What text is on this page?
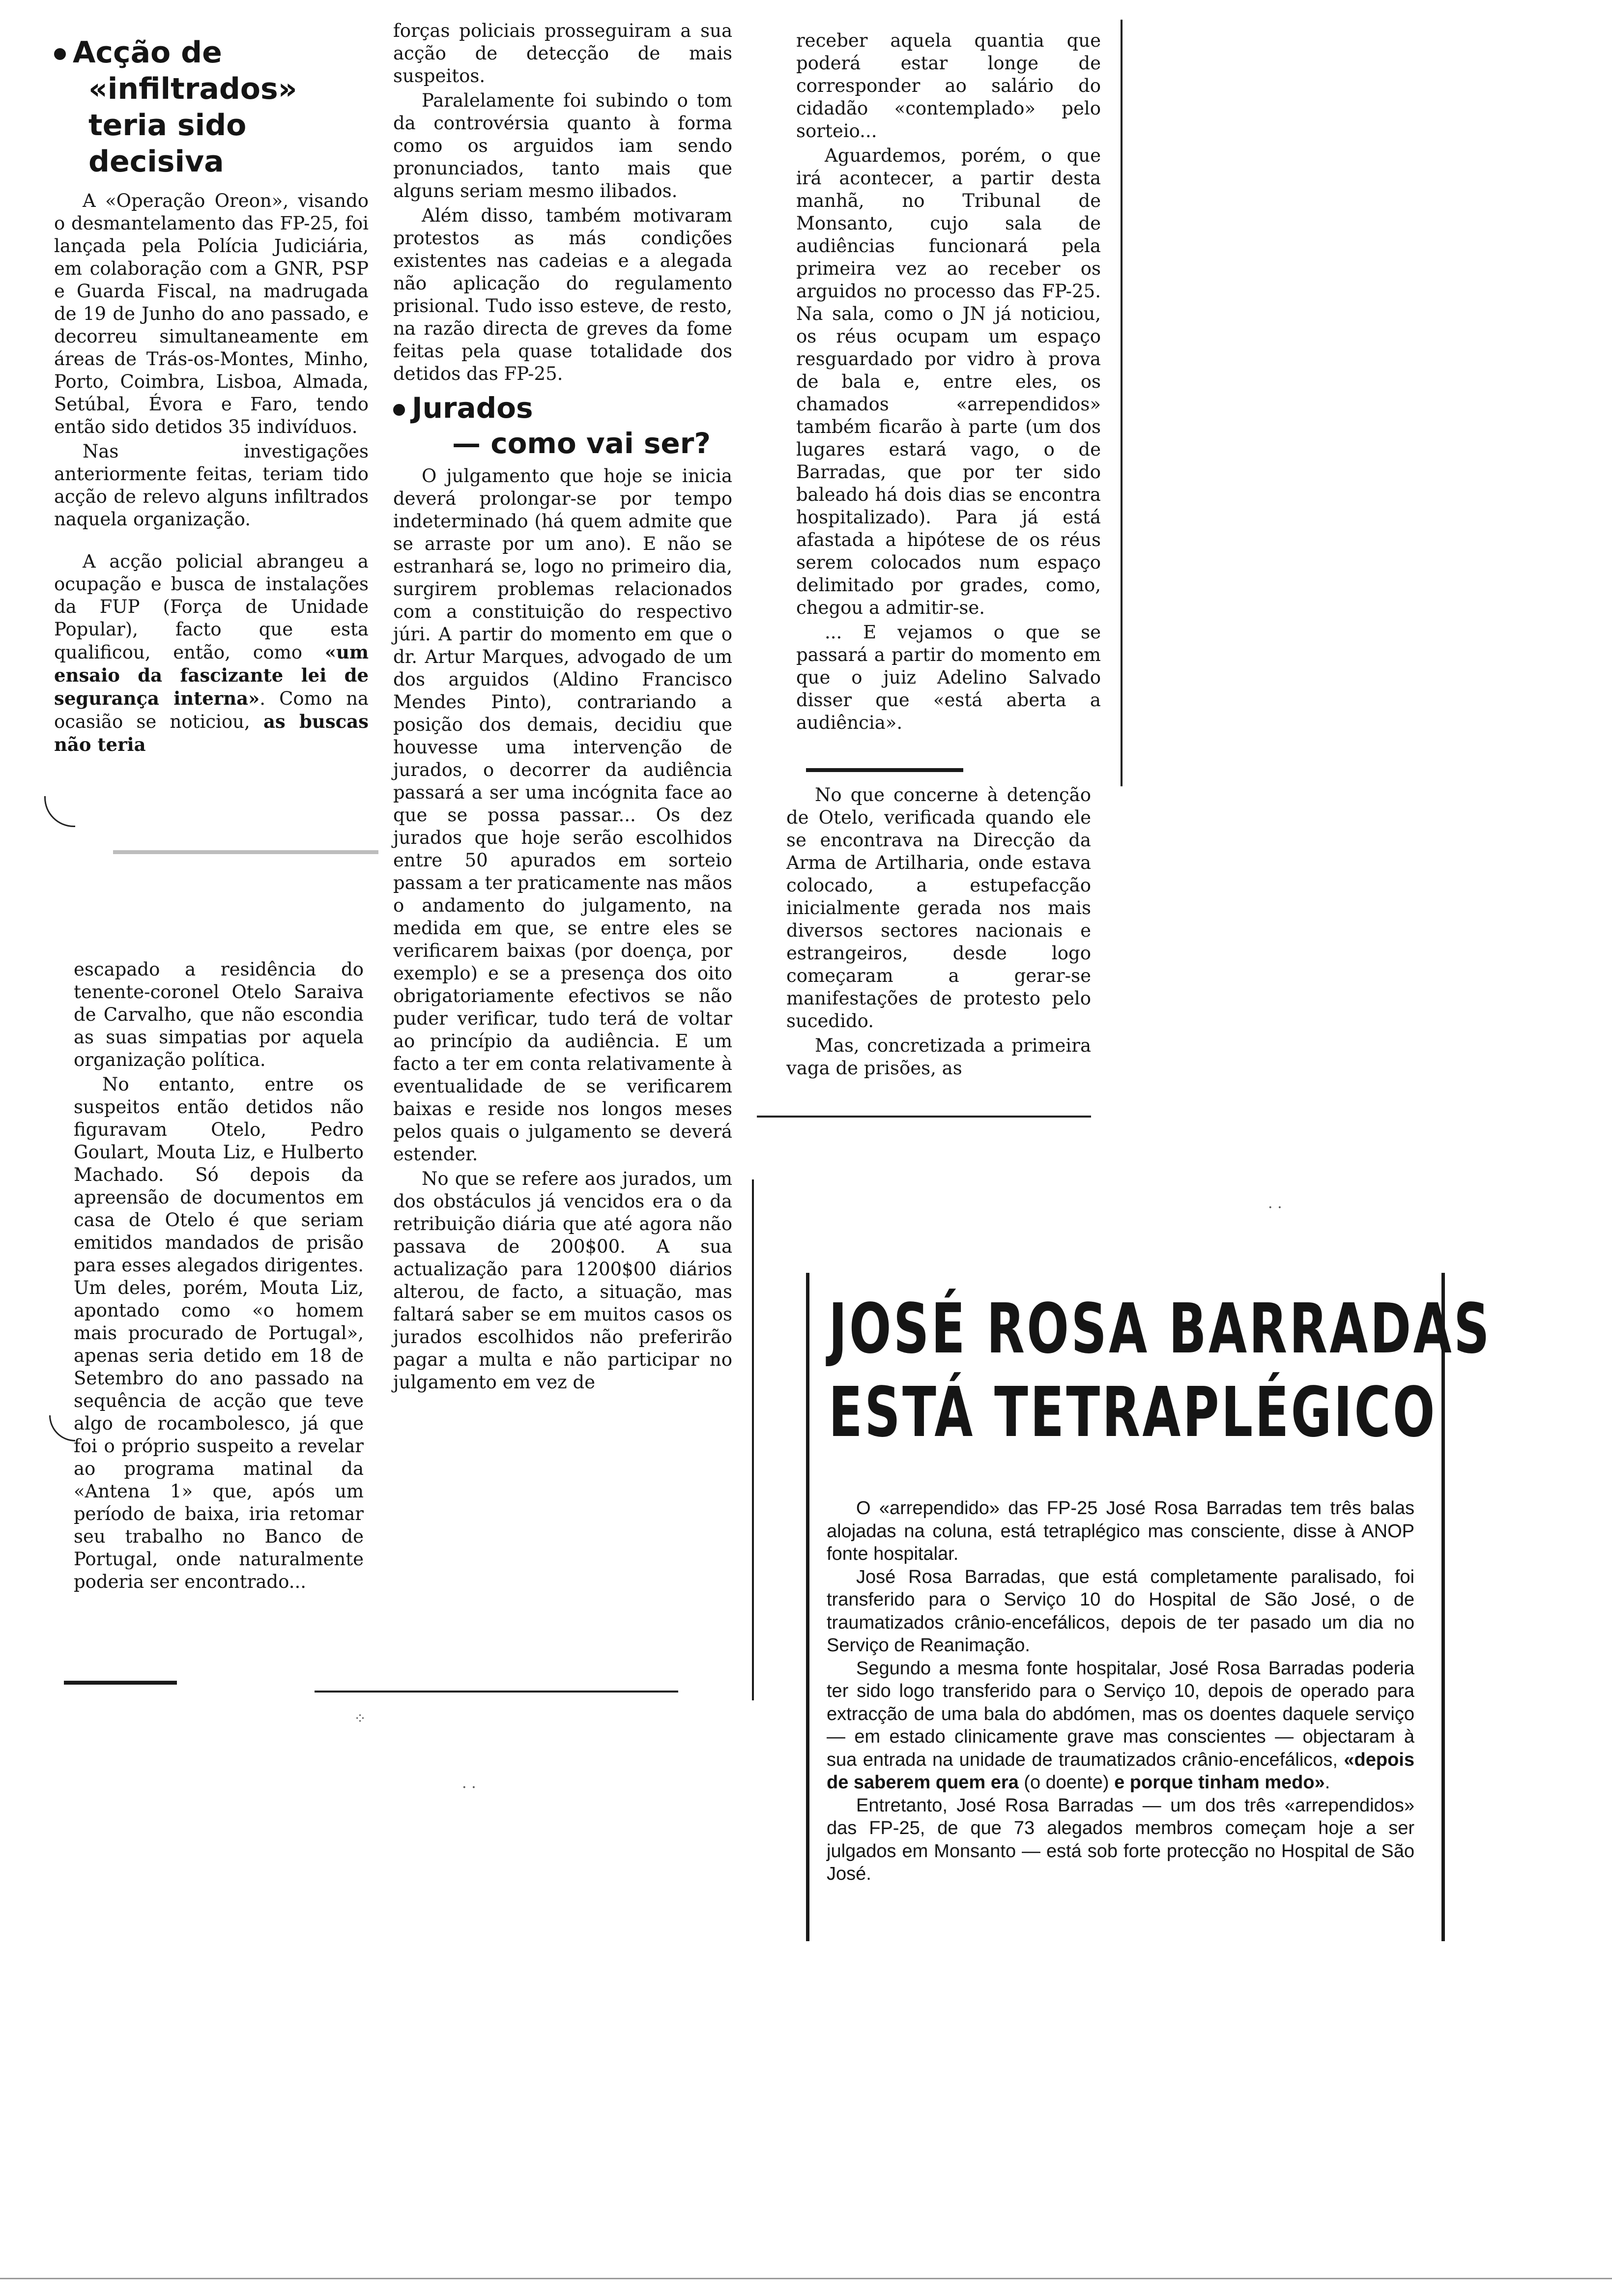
Acção de
«infiltrados»
teria sido
decisiva

A «Operação Oreon», visando o desmantelamento das FP-25, foi lançada pela Polícia Judiciária, em colaboração com a GNR, PSP e Guarda Fiscal, na madrugada de 19 de Junho do ano passado, e decorreu simultaneamente em áreas de Trás-os-Montes, Minho, Porto, Coimbra, Lisboa, Almada, Setúbal, Évora e Faro, tendo então sido detidos 35 indivíduos.

Nas investigações anteriormente feitas, teriam tido acção de relevo alguns infiltrados naquela organização.

A acção policial abrangeu a ocupação e busca de instalações da FUP (Força de Unidade Popular), facto que esta qualificou, então, como «um ensaio da fascizante lei de segurança interna». Como na ocasião se noticiou, as buscas não teria

escapado a residência do tenente-coronel Otelo Saraiva de Carvalho, que não escondia as suas simpatias por aquela organização política.

No entanto, entre os suspeitos então detidos não figuravam Otelo, Pedro Goulart, Mouta Liz, e Hulberto Machado. Só depois da apreensão de documentos em casa de Otelo é que seriam emitidos mandados de prisão para esses alegados dirigentes. Um deles, porém, Mouta Liz, apontado como «o homem mais procurado de Portugal», apenas seria detido em 18 de Setembro do ano passado na sequência de acção que teve algo de rocambolesco, já que foi o próprio suspeito a revelar ao programa matinal da «Antena 1» que, após um período de baixa, iria retomar seu trabalho no Banco de Portugal, onde naturalmente poderia ser encontrado...

forças policiais prosseguiram a sua acção de detecção de mais suspeitos.

Paralelamente foi subindo o tom da controvérsia quanto à forma como os arguidos iam sendo pronunciados, tanto mais que alguns seriam mesmo ilibados.

Além disso, também motivaram protestos as más condições existentes nas cadeias e a alegada não aplicação do regulamento prisional. Tudo isso esteve, de resto, na razão directa de greves da fome feitas pela quase totalidade dos detidos das FP-25.

Jurados
— como vai ser?

O julgamento que hoje se inicia deverá prolongar-se por tempo indeterminado (há quem admite que se arraste por um ano). E não se estranhará se, logo no primeiro dia, surgirem problemas relacionados com a constituição do respectivo júri. A partir do momento em que o dr. Artur Marques, advogado de um dos arguidos (Aldino Francisco Mendes Pinto), contrariando a posição dos demais, decidiu que houvesse uma intervenção de jurados, o decorrer da audiência passará a ser uma incógnita face ao que se possa passar... Os dez jurados que hoje serão escolhidos entre 50 apurados em sorteio passam a ter praticamente nas mãos o andamento do julgamento, na medida em que, se entre eles se verificarem baixas (por doença, por exemplo) e se a presença dos oito obrigatoriamente efectivos se não puder verificar, tudo terá de voltar ao princípio da audiência. E um facto a ter em conta relativamente à eventualidade de se verificarem baixas e reside nos longos meses pelos quais o julgamento se deverá estender.

No que se refere aos jurados, um dos obstáculos já vencidos era o da retribuição diária que até agora não passava de 200$00. A sua actualização para 1200$00 diários alterou, de facto, a situação, mas faltará saber se em muitos casos os jurados escolhidos não preferirão pagar a multa e não participar no julgamento em vez de

receber aquela quantia que poderá estar longe de corresponder ao salário do cidadão «contemplado» pelo sorteio...

Aguardemos, porém, o que irá acontecer, a partir desta manhã, no Tribunal de Monsanto, cujo sala de audiências funcionará pela primeira vez ao receber os arguidos no processo das FP-25. Na sala, como o JN já noticiou, os réus ocupam um espaço resguardado por vidro à prova de bala e, entre eles, os chamados «arrependidos» também ficarão à parte (um dos lugares estará vago, o de Barradas, que por ter sido baleado há dois dias se encontra hospitalizado). Para já está afastada a hipótese de os réus serem colocados num espaço delimitado por grades, como, chegou a admitir-se.

... E vejamos o que se passará a partir do momento em que o juiz Adelino Salvado disser que «está aberta a audiência».

No que concerne à detenção de Otelo, verificada quando ele se encontrava na Direcção da Arma de Artilharia, onde estava colocado, a estupefacção inicialmente gerada nos mais diversos sectores nacionais e estrangeiros, desde logo começaram a gerar-se manifestações de protesto pelo sucedido.

Mas, concretizada a primeira vaga de prisões, as

JOSÉ ROSA BARRADAS
ESTÁ TETRAPLÉGICO

O «arrependido» das FP-25 José Rosa Barradas tem três balas alojadas na coluna, está tetraplégico mas consciente, disse à ANOP fonte hospitalar.

José Rosa Barradas, que está completamente paralisado, foi transferido para o Serviço 10 do Hospital de São José, o de traumatizados crânio-encefálicos, depois de ter pasado um dia no Serviço de Reanimação.

Segundo a mesma fonte hospitalar, José Rosa Barradas poderia ter sido logo transferido para o Serviço 10, depois de operado para extracção de uma bala do abdómen, mas os doentes daquele serviço — em estado clinicamente grave mas conscientes — objectaram à sua entrada na unidade de traumatizados crânio-encefálicos, «depois de saberem quem era (o doente) e porque tinham medo».

Entretanto, José Rosa Barradas — um dos três «arrependidos» das FP-25, de que 73 alegados membros começam hoje a ser julgados em Monsanto — está sob forte protecção no Hospital de São José.

· ·
· ·
⁘
